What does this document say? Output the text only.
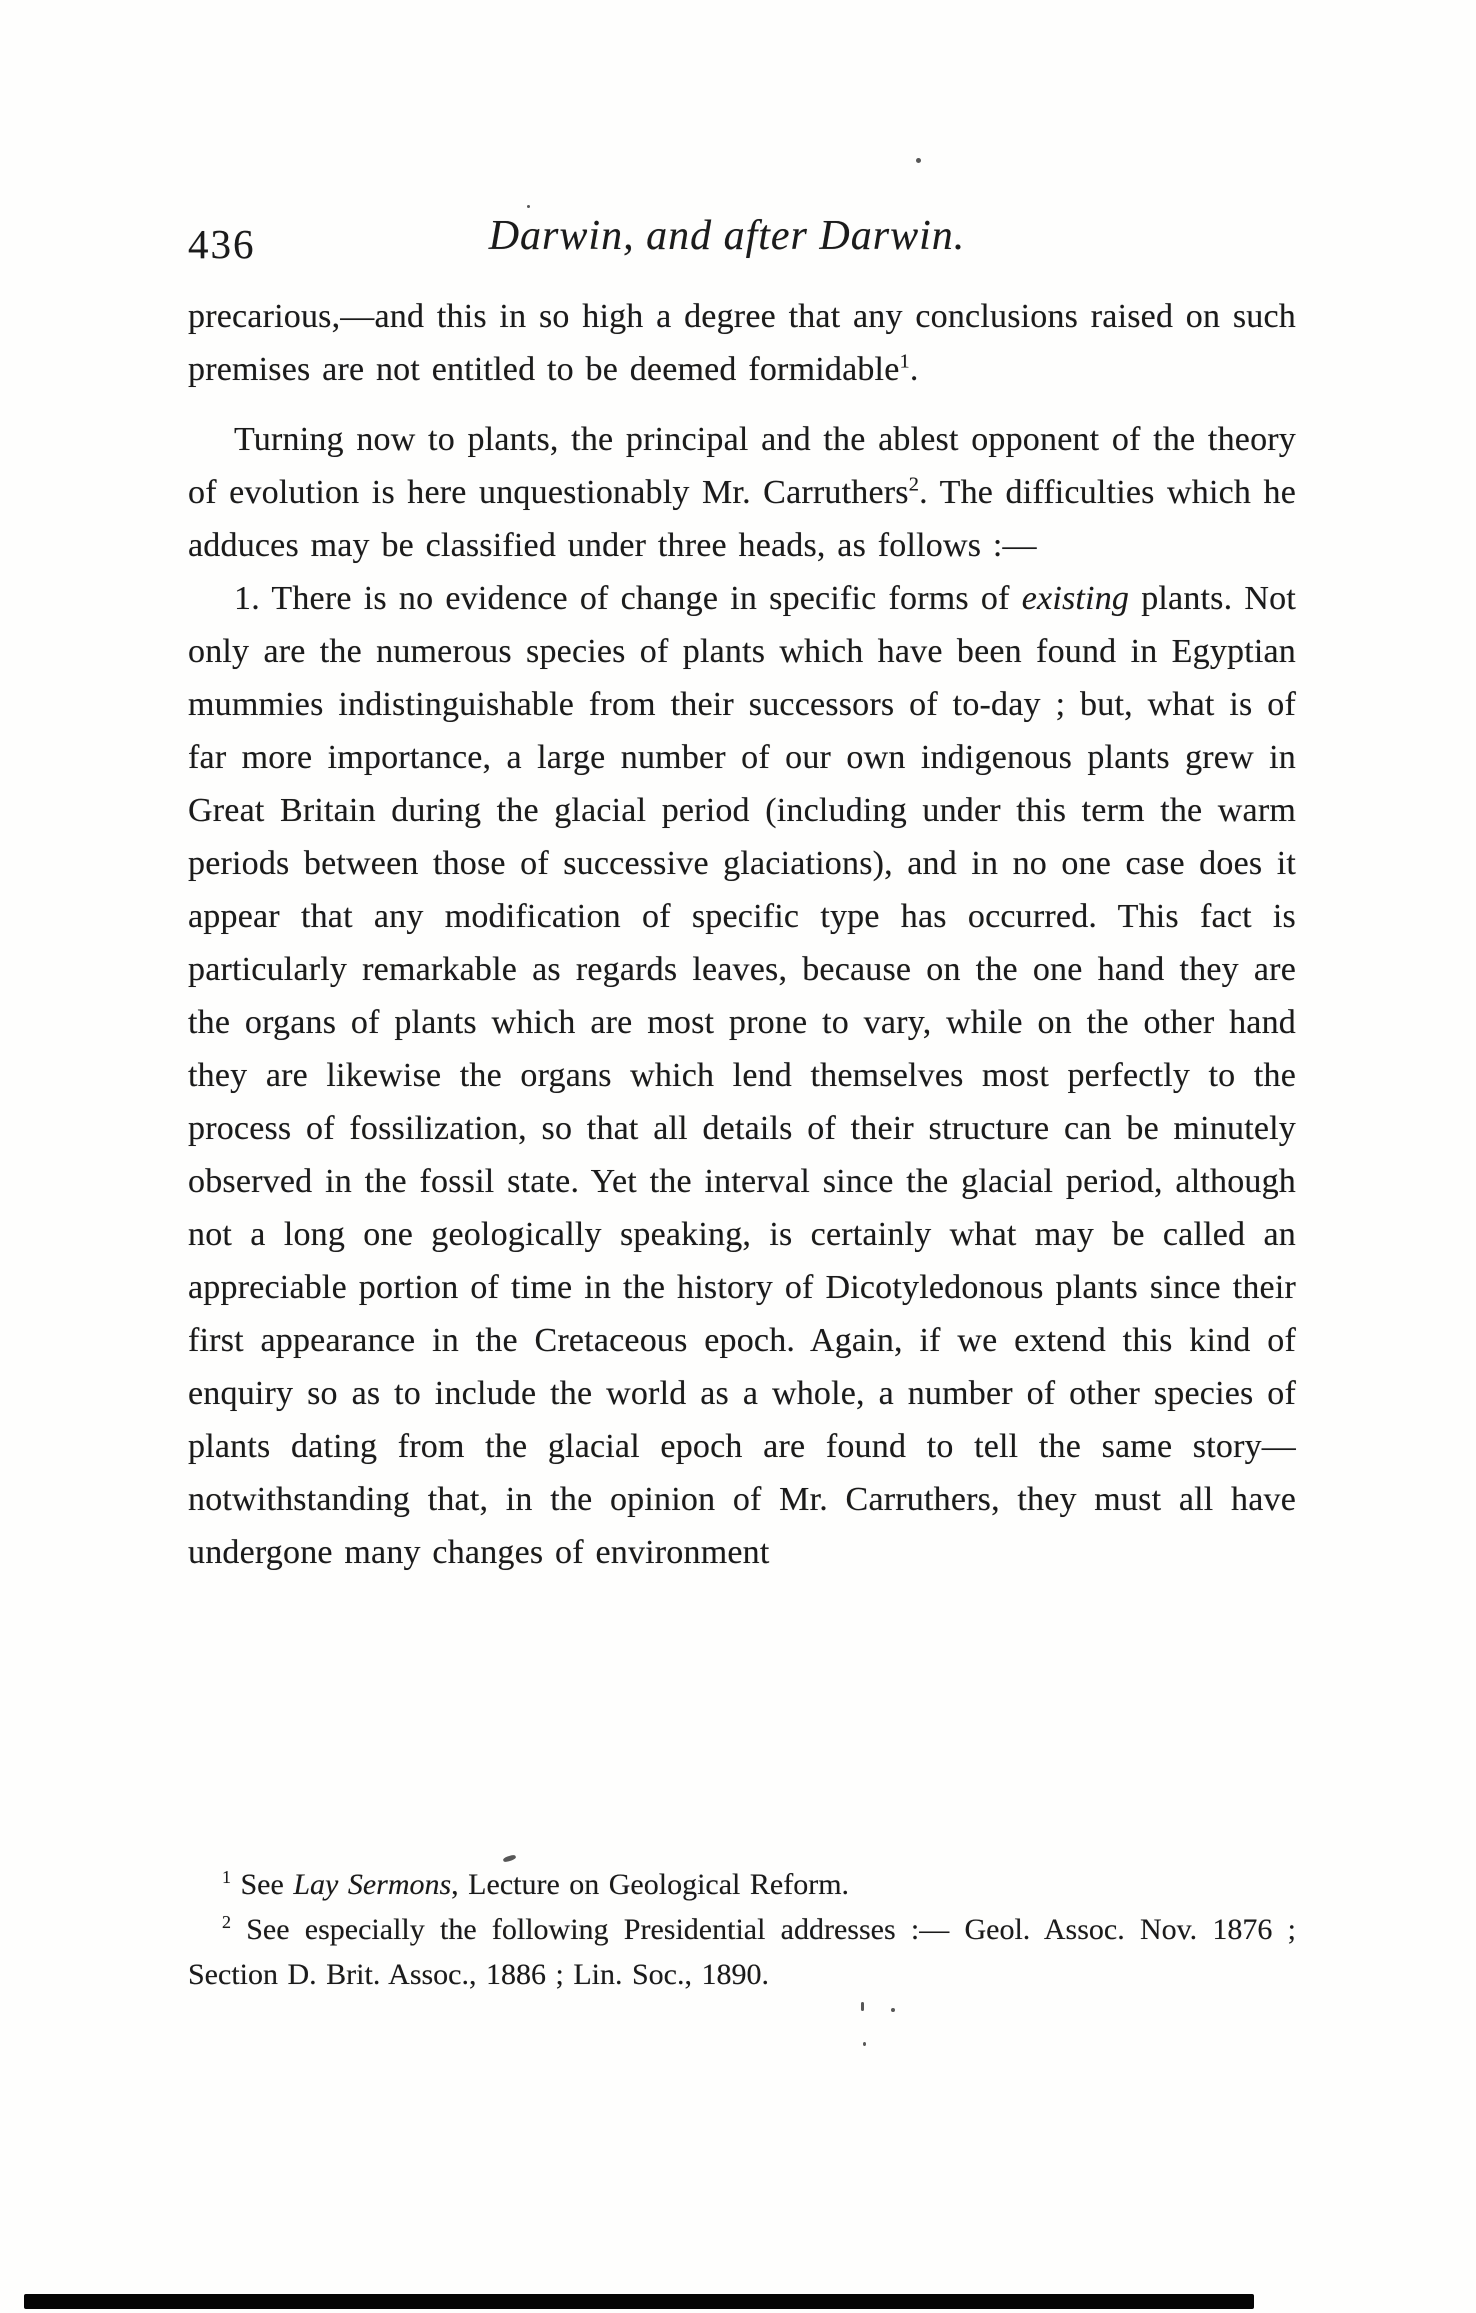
436	Darwin, and after Darwin.

precarious,—and this in so high a degree that any conclusions raised on such premises are not entitled to be deemed formidable$^1$.

Turning now to plants, the principal and the ablest opponent of the theory of evolution is here unquestionably Mr. Carruthers$^2$. The difficulties which he adduces may be classified under three heads, as follows :—

1. There is no evidence of change in specific forms of existing plants. Not only are the numerous species of plants which have been found in Egyptian mummies indistinguishable from their successors of to-day ; but, what is of far more importance, a large number of our own indigenous plants grew in Great Britain during the glacial period (including under this term the warm periods between those of successive glaciations), and in no one case does it appear that any modification of specific type has occurred. This fact is particularly remarkable as regards leaves, because on the one hand they are the organs of plants which are most prone to vary, while on the other hand they are likewise the organs which lend themselves most perfectly to the process of fossilization, so that all details of their structure can be minutely observed in the fossil state. Yet the interval since the glacial period, although not a long one geologically speaking, is certainly what may be called an appreciable portion of time in the history of Dicotyledonous plants since their first appearance in the Cretaceous epoch. Again, if we extend this kind of enquiry so as to include the world as a whole, a number of other species of plants dating from the glacial epoch are found to tell the same story—notwithstanding that, in the opinion of Mr. Carruthers, they must all have undergone many changes of environment

$^1$ See Lay Sermons, Lecture on Geological Reform.

$^2$ See especially the following Presidential addresses :— Geol. Assoc. Nov. 1876 ; Section D. Brit. Assoc., 1886 ; Lin. Soc., 1890.
